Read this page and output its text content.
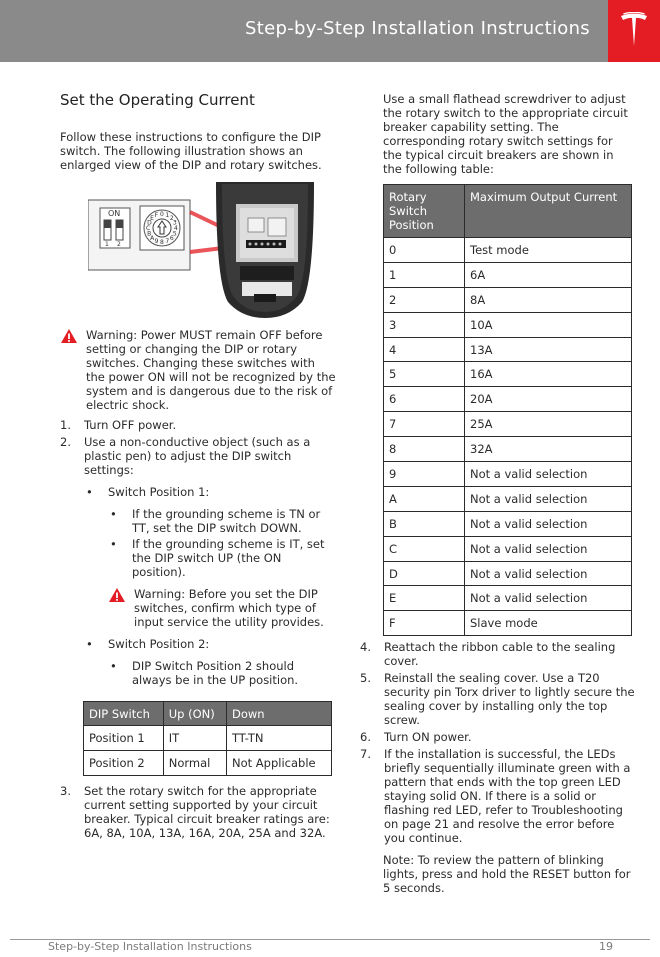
Step-by-Step Installation Instructions
Set the Operating Current

Follow these instructions to configure the DIP switch. The following illustration shows an enlarged view of the DIP and rotary switches.

ON
1 2
0 1 2
3
4
5
6
7
8
9
A
B
C
D
E F

Warning: Power MUST remain OFF before setting or changing the DIP or rotary switches. Changing these switches with the power ON will not be recognized by the system and is dangerous due to the risk of electric shock.

1. Turn OFF power.
2. Use a non-conductive object (such as a plastic pen) to adjust the DIP switch settings:
• Switch Position 1:
• If the grounding scheme is TN or TT, set the DIP switch DOWN.
• If the grounding scheme is IT, set the DIP switch UP (the ON position).

Warning: Before you set the DIP switches, confirm which type of input service the utility provides.

• Switch Position 2:
• DIP Switch Position 2 should always be in the UP position.
DIP Switch	Up (ON)	Down
Position 1	IT	TT-TN
Position 2	Normal	Not Applicable
3. Set the rotary switch for the appropriate current setting supported by your circuit breaker. Typical circuit breaker ratings are: 6A, 8A, 10A, 13A, 16A, 20A, 25A and 32A.

Use a small flathead screwdriver to adjust the rotary switch to the appropriate circuit breaker capability setting. The corresponding rotary switch settings for the typical circuit breakers are shown in the following table:

Rotary Switch Position	Maximum Output Current
0	Test mode
1	6A
2	8A
3	10A
4	13A
5	16A
6	20A
7	25A
8	32A
9	Not a valid selection
A	Not a valid selection
B	Not a valid selection
C	Not a valid selection
D	Not a valid selection
E	Not a valid selection
F	Slave mode
4. Reattach the ribbon cable to the sealing cover.
5. Reinstall the sealing cover. Use a T20 security pin Torx driver to lightly secure the sealing cover by installing only the top screw.
6. Turn ON power.
7. If the installation is successful, the LEDs briefly sequentially illuminate green with a pattern that ends with the top green LED staying solid ON. If there is a solid or flashing red LED, refer to Troubleshooting on page 21 and resolve the error before you continue.

Note: To review the pattern of blinking lights, press and hold the RESET button for 5 seconds.

Step-by-Step Installation Instructions	19
